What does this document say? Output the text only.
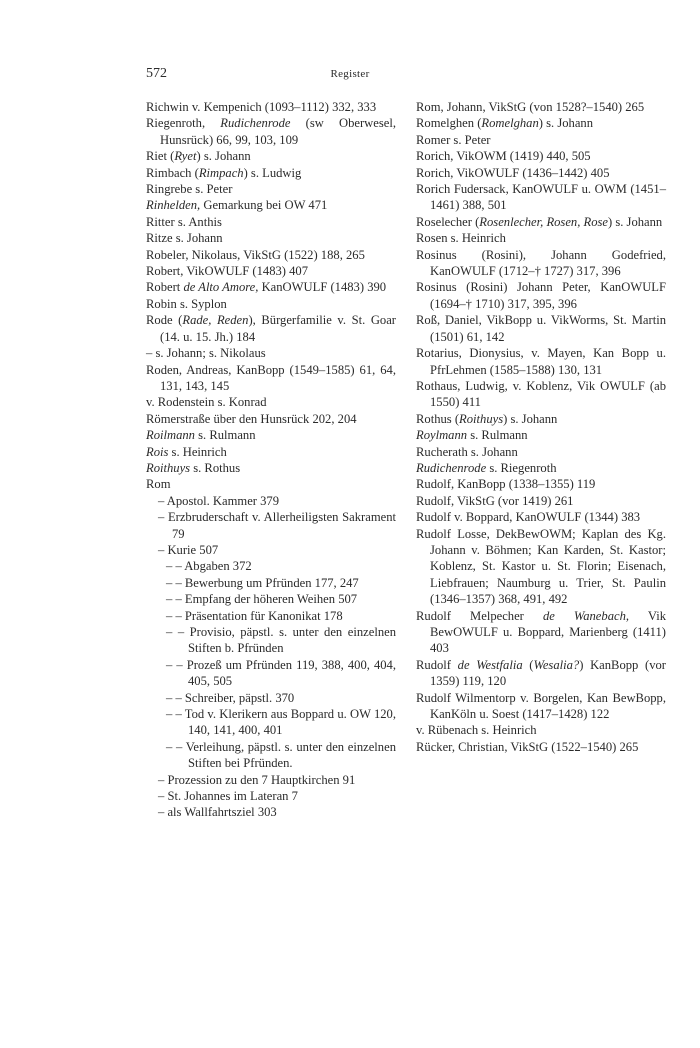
572	Register

Richwin v. Kempenich (1093–1112) 332, 333

Riegenroth, Rudichenrode (sw Oberwesel, Hunsrück) 66, 99, 103, 109

Riet (Ryet) s. Johann

Rimbach (Rimpach) s. Ludwig

Ringrebe s. Peter

Rinhelden, Gemarkung bei OW 471

Ritter s. Anthis

Ritze s. Johann

Robeler, Nikolaus, VikStG (1522) 188, 265

Robert, VikOWULF (1483) 407

Robert de Alto Amore, KanOWULF (1483) 390

Robin s. Syplon

Rode (Rade, Reden), Bürgerfamilie v. St. Goar (14. u. 15. Jh.) 184

– s. Johann; s. Nikolaus

Roden, Andreas, KanBopp (1549–1585) 61, 64, 131, 143, 145

v. Rodenstein s. Konrad

Römerstraße über den Hunsrück 202, 204

Roilmann s. Rulmann

Rois s. Heinrich

Roithuys s. Rothus

Rom

– Apostol. Kammer 379

– Erzbruderschaft v. Allerheiligsten Sakrament 79

– Kurie 507

– – Abgaben 372

– – Bewerbung um Pfründen 177, 247

– – Empfang der höheren Weihen 507

– – Präsentation für Kanonikat 178

– – Provisio, päpstl. s. unter den einzelnen Stiften b. Pfründen

– – Prozeß um Pfründen 119, 388, 400, 404, 405, 505

– – Schreiber, päpstl. 370

– – Tod v. Klerikern aus Boppard u. OW 120, 140, 141, 400, 401

– – Verleihung, päpstl. s. unter den einzelnen Stiften bei Pfründen.

– Prozession zu den 7 Hauptkirchen 91

– St. Johannes im Lateran 7

– als Wallfahrtsziel 303

Rom, Johann, VikStG (von 1528?–1540) 265

Romelghen (Romelghan) s. Johann

Romer s. Peter

Rorich, VikOWM (1419) 440, 505

Rorich, VikOWULF (1436–1442) 405

Rorich Fudersack, KanOWULF u. OWM (1451–1461) 388, 501

Roselecher (Rosenlecher, Rosen, Rose) s. Johann

Rosen s. Heinrich

Rosinus (Rosini), Johann Godefried, KanOWULF (1712–† 1727) 317, 396

Rosinus (Rosini) Johann Peter, KanOWULF (1694–† 1710) 317, 395, 396

Roß, Daniel, VikBopp u. VikWorms, St. Martin (1501) 61, 142

Rotarius, Dionysius, v. Mayen, Kan Bopp u. PfrLehmen (1585–1588) 130, 131

Rothaus, Ludwig, v. Koblenz, Vik OWULF (ab 1550) 411

Rothus (Roithuys) s. Johann

Roylmann s. Rulmann

Rucherath s. Johann

Rudichenrode s. Riegenroth

Rudolf, KanBopp (1338–1355) 119

Rudolf, VikStG (vor 1419) 261

Rudolf v. Boppard, KanOWULF (1344) 383

Rudolf Losse, DekBewOWM; Kaplan des Kg. Johann v. Böhmen; Kan Karden, St. Kastor; Koblenz, St. Kastor u. St. Florin; Eisenach, Liebfrauen; Naumburg u. Trier, St. Paulin (1346–1357) 368, 491, 492

Rudolf Melpecher de Wanebach, Vik BewOWULF u. Boppard, Marienberg (1411) 403

Rudolf de Westfalia (Wesalia?) KanBopp (vor 1359) 119, 120

Rudolf Wilmentorp v. Borgelen, Kan BewBopp, KanKöln u. Soest (1417–1428) 122

v. Rübenach s. Heinrich

Rücker, Christian, VikStG (1522–1540) 265
